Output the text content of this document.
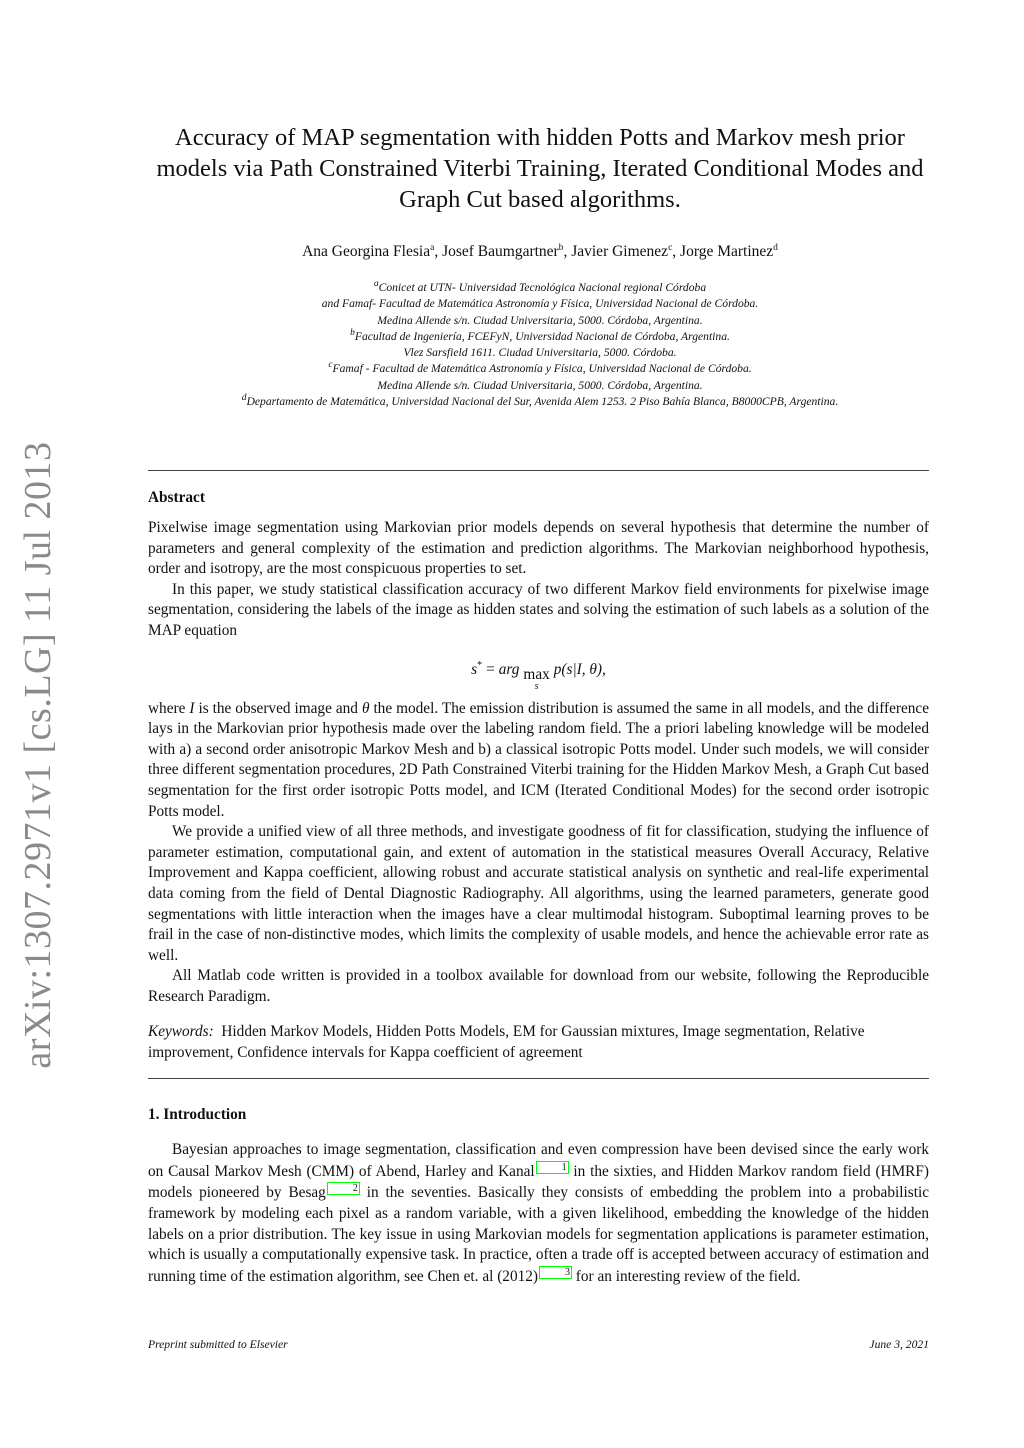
arXiv:1307.2971v1 [cs.LG] 11 Jul 2013
Accuracy of MAP segmentation with hidden Potts and Markov mesh prior models via Path Constrained Viterbi Training, Iterated Conditional Modes and Graph Cut based algorithms.
Ana Georgina Flesia$^a$, Josef Baumgartner$^b$, Javier Gimenez$^c$, Jorge Martinez$^d$

$^a$Conicet at UTN- Universidad Tecnológica Nacional regional Córdoba

and Famaf- Facultad de Matemática Astronomía y Física, Universidad Nacional de Córdoba.

Medina Allende s/n. Ciudad Universitaria, 5000. Córdoba, Argentina.

$^b$Facultad de Ingeniería, FCEFyN, Universidad Nacional de Córdoba, Argentina.

Vlez Sarsfield 1611. Ciudad Universitaria, 5000. Córdoba.

$^c$Famaf - Facultad de Matemática Astronomía y Física, Universidad Nacional de Córdoba.

Medina Allende s/n. Ciudad Universitaria, 5000. Córdoba, Argentina.

$^d$Departamento de Matemática, Universidad Nacional del Sur, Avenida Alem 1253. 2 Piso Bahía Blanca, B8000CPB, Argentina.

Abstract

Pixelwise image segmentation using Markovian prior models depends on several hypothesis that determine the number of parameters and general complexity of the estimation and prediction algorithms. The Markovian neighborhood hypothesis, order and isotropy, are the most conspicuous properties to set.

In this paper, we study statistical classification accuracy of two different Markov field environments for pixelwise image segmentation, considering the labels of the image as hidden states and solving the estimation of such labels as a solution of the MAP equation

s* = arg max
s
p(s|I, θ),

where I is the observed image and θ the model. The emission distribution is assumed the same in all models, and the difference lays in the Markovian prior hypothesis made over the labeling random field. The a priori labeling knowledge will be modeled with a) a second order anisotropic Markov Mesh and b) a classical isotropic Potts model. Under such models, we will consider three different segmentation procedures, 2D Path Constrained Viterbi training for the Hidden Markov Mesh, a Graph Cut based segmentation for the first order isotropic Potts model, and ICM (Iterated Conditional Modes) for the second order isotropic Potts model.

We provide a unified view of all three methods, and investigate goodness of fit for classification, studying the influence of parameter estimation, computational gain, and extent of automation in the statistical measures Overall Accuracy, Relative Improvement and Kappa coefficient, allowing robust and accurate statistical analysis on synthetic and real-life experimental data coming from the field of Dental Diagnostic Radiography. All algorithms, using the learned parameters, generate good segmentations with little interaction when the images have a clear multimodal histogram. Suboptimal learning proves to be frail in the case of non-distinctive modes, which limits the complexity of usable models, and hence the achievable error rate as well.

All Matlab code written is provided in a toolbox available for download from our website, following the Reproducible Research Paradigm.

Keywords: Hidden Markov Models, Hidden Potts Models, EM for Gaussian mixtures, Image segmentation, Relative improvement, Confidence intervals for Kappa coefficient of agreement

1. Introduction

Bayesian approaches to image segmentation, classification and even compression have been devised since the early work on Causal Markov Mesh (CMM) of Abend, Harley and Kanal	1 in the sixties, and Hidden Markov random field (HMRF) models pioneered by Besag	2 in the seventies. Basically they consists of embedding the problem into a probabilistic framework by modeling each pixel as a random variable, with a given likelihood, embedding the knowledge of the hidden labels on a prior distribution. The key issue in using Markovian models for segmentation applications is parameter estimation, which is usually a computationally expensive task. In practice, often a trade off is accepted between accuracy of estimation and running time of the estimation algorithm, see Chen et. al (2012)	3 for an interesting review of the field.

Preprint submitted to Elsevier	June 3, 2021
